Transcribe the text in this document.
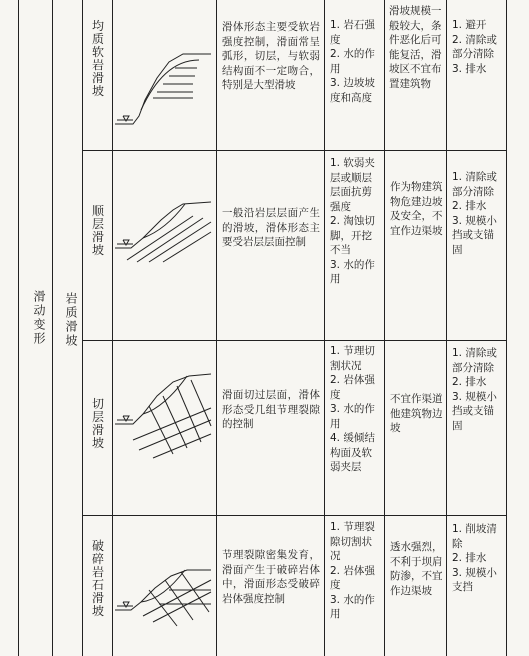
滑动变形	岩质滑坡
均质软岩滑坡
滑体形态主要受软岩强度控制，滑面常呈弧形，切层，与软弱结构面不一定吻合，特别是大型滑坡
1. 岩石强度
2. 水的作用
3. 边坡坡度和高度
滑坡规模一般较大，条件恶化后可能复活，滑坡区不宜布置建筑物
1. 避开
2. 清除或部分清除
3. 排水
顺层滑坡
一般沿岩层层面产生的滑坡，滑体形态主要受岩层层面控制
1. 软弱夹层或顺层层面抗剪强度
2. 淘蚀切脚，开挖不当
3. 水的作用
作为物建筑物危建边坡及安全，不宜作边渠坡
1. 清除或部分清除
2. 排水
3. 规模小挡或支锚固
切层滑坡
滑面切过层面，滑体形态受几组节理裂隙的控制
1. 节理切割状况
2. 岩体强度
3. 水的作用
4. 缓倾结构面及软弱夹层
不宜作渠道他建筑物边坡
1. 清除或部分清除
2. 排水
3. 规模小挡或支锚固
破碎岩石滑坡
节理裂隙密集发育，滑面产生于破碎岩体中，滑面形态受破碎岩体强度控制
1. 节理裂隙切割状况
2. 岩体强度
3. 水的作用
透水强烈，不利于坝肩防渗，不宜作边渠坡
1. 削坡清除
2. 排水
3. 规模小支挡
